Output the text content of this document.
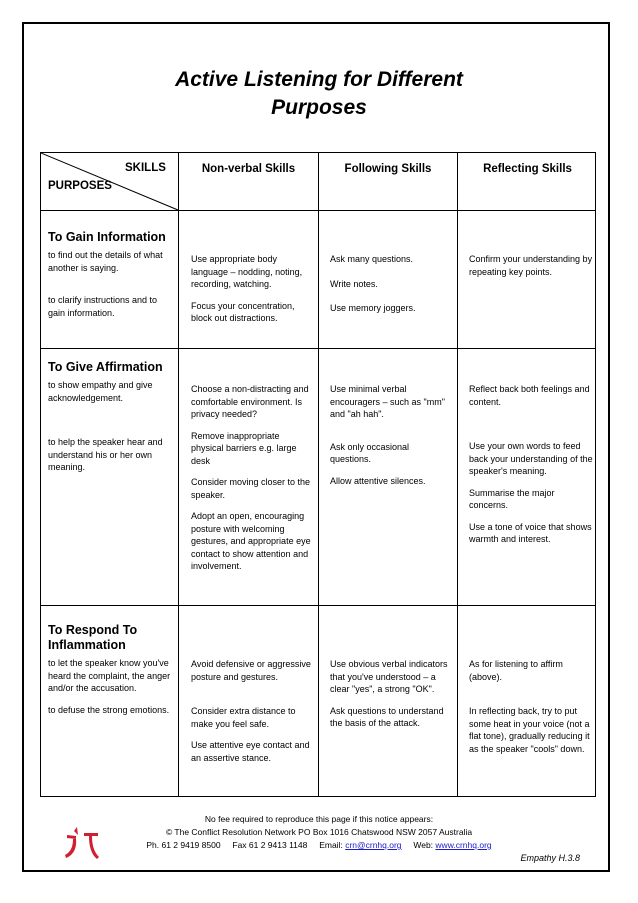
Active Listening for Different
Purposes
SKILLS
PURPOSES
Non-verbal Skills	Following Skills	Reflecting Skills
To Gain Information

to find out the details of what another is saying.

to clarify instructions and to gain information.

Use appropriate body language – nodding, noting, recording, watching.

Focus your concentration, block out distractions.

Ask many questions.

Write notes.

Use memory joggers.

Confirm your understanding by repeating key points.

To Give Affirmation

to show empathy and give acknowledgement.

to help the speaker hear and understand his or her own meaning.

Choose a non-distracting and comfortable environment. Is privacy needed?

Remove inappropriate physical barriers e.g. large desk

Consider moving closer to the speaker.

Adopt an open, encouraging posture with welcoming gestures, and appropriate eye contact to show attention and involvement.

Use minimal verbal encouragers – such as "mm" and "ah hah".

Ask only occasional questions.

Allow attentive silences.

Reflect back both feelings and content.

Use your own words to feed back your understanding of the speaker's meaning.

Summarise the major concerns.

Use a tone of voice that shows warmth and interest.

To Respond To Inflammation

to let the speaker know you've heard the complaint, the anger and/or the accusation.

to defuse the strong emotions.

Avoid defensive or aggressive posture and gestures.

Consider extra distance to make you feel safe.

Use attentive eye contact and an assertive stance.

Use obvious verbal indicators that you've understood – a clear "yes", a strong "OK".

Ask questions to understand the basis of the attack.

As for listening to affirm (above).

In reflecting back, try to put some heat in your voice (not a flat tone), gradually reducing it as the speaker "cools" down.

No fee required to reproduce this page if this notice appears:
© The Conflict Resolution Network PO Box 1016 Chatswood NSW 2057 Australia
Ph. 61 2 9419 8500 Fax 61 2 9413 1148 Email: crn@crnhq.org Web: www.crnhq.org
Empathy H.3.8
